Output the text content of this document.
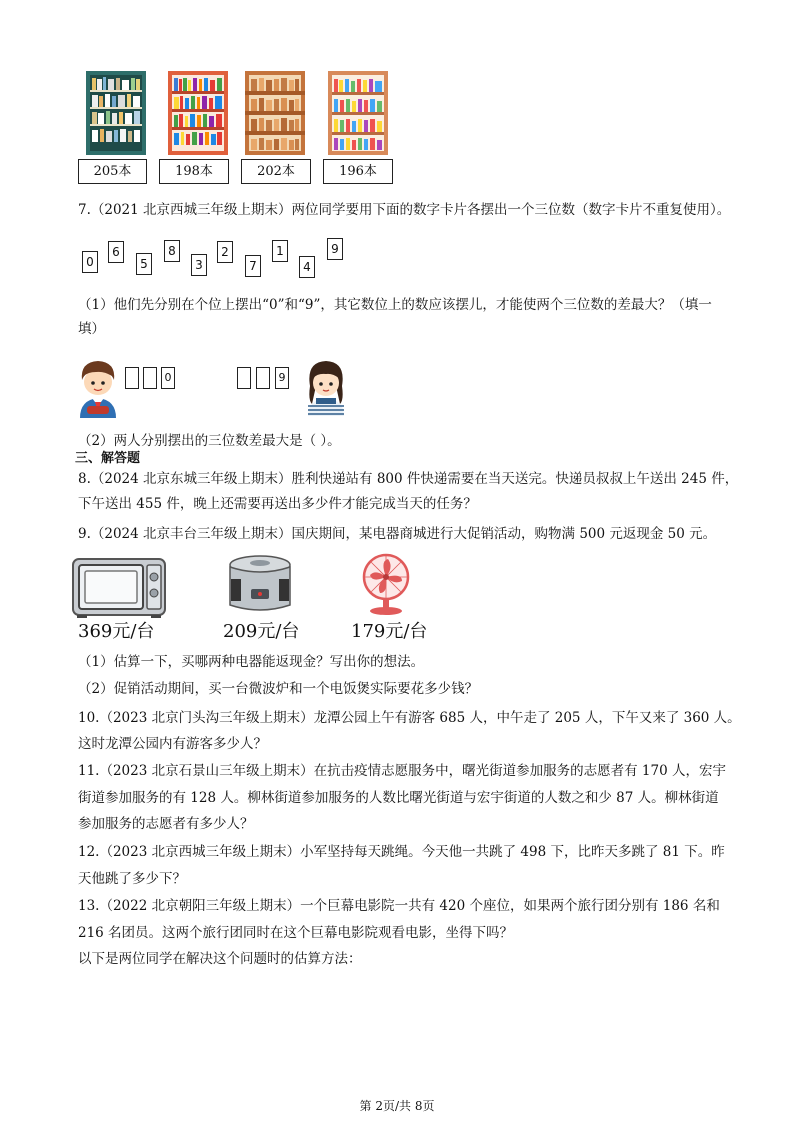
205本	198本	202本	196本
7.（2021 北京西城三年级上期末）两位同学要用下面的数字卡片各摆出一个三位数（数字卡片不重复使用）。
0
6
5
8
3
2
7
1
4
9
（1）他们先分别在个位上摆出“0”和“9”，其它数位上的数应该摆儿，才能使两个三位数的差最大？（填一
填）
0	9
（2）两人分别摆出的三位数差最大是（ ）。
三、解答题
8.（2024 北京东城三年级上期末）胜利快递站有 800 件快递需要在当天送完。快递员叔叔上午送出 245 件，
下午送出 455 件，晚上还需要再送出多少件才能完成当天的任务？
9.（2024 北京丰台三年级上期末）国庆期间，某电器商城进行大促销活动，购物满 500 元返现金 50 元。
369元/台	209元/台	179元/台
（1）估算一下，买哪两种电器能返现金？写出你的想法。
（2）促销活动期间，买一台微波炉和一个电饭煲实际要花多少钱？
10.（2023 北京门头沟三年级上期末）龙潭公园上午有游客 685 人，中午走了 205 人，下午又来了 360 人。
这时龙潭公园内有游客多少人？
11.（2023 北京石景山三年级上期末）在抗击疫情志愿服务中，曙光街道参加服务的志愿者有 170 人，宏宇
街道参加服务的有 128 人。柳林街道参加服务的人数比曙光街道与宏宇街道的人数之和少 87 人。柳林街道
参加服务的志愿者有多少人？
12.（2023 北京西城三年级上期末）小军坚持每天跳绳。今天他一共跳了 498 下，比昨天多跳了 81 下。昨
天他跳了多少下？
13.（2022 北京朝阳三年级上期末）一个巨幕电影院一共有 420 个座位，如果两个旅行团分别有 186 名和
216 名团员。这两个旅行团同时在这个巨幕电影院观看电影，坐得下吗？
以下是两位同学在解决这个问题时的估算方法：
第 2页/共 8页
